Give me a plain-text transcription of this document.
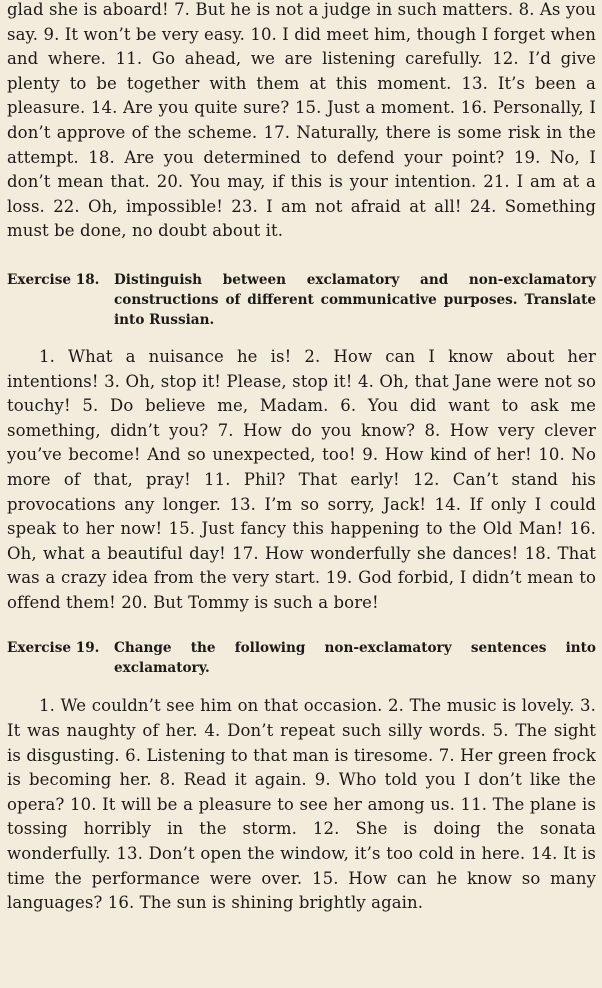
glad she is aboard! 7. But he is not a judge in such matters. 8. As you say. 9. It won’t be very easy. 10. I did meet him, though I forget when and where. 11. Go ahead, we are listening carefully. 12. I’d give plenty to be together with them at this moment. 13. It’s been a pleasure. 14. Are you quite sure? 15. Just a moment. 16. Personally, I don’t approve of the scheme. 17. Naturally, there is some risk in the attempt. 18. Are you determined to defend your point? 19. No, I don’t mean that. 20. You may, if this is your intention. 21. I am at a loss. 22. Oh, impossible! 23. I am not afraid at all! 24. Something must be done, no doubt about it.

Exercise 18. Distinguish between exclamatory and non-exclamatory constructions of different communicative purposes. Translate into Russian.

1. What a nuisance he is! 2. How can I know about her intentions! 3. Oh, stop it! Please, stop it! 4. Oh, that Jane were not so touchy! 5. Do believe me, Madam. 6. You did want to ask me something, didn’t you? 7. How do you know? 8. How very clever you’ve become! And so unexpected, too! 9. How kind of her! 10. No more of that, pray! 11. Phil? That early! 12. Can’t stand his provocations any longer. 13. I’m so sorry, Jack! 14. If only I could speak to her now! 15. Just fancy this happening to the Old Man! 16. Oh, what a beautiful day! 17. How wonderfully she dances! 18. That was a crazy idea from the very start. 19. God forbid, I didn’t mean to offend them! 20. But Tommy is such a bore!

Exercise 19. Change the following non-exclamatory sentences into exclamatory.

1. We couldn’t see him on that occasion. 2. The music is lovely. 3. It was naughty of her. 4. Don’t repeat such silly words. 5. The sight is disgusting. 6. Listening to that man is tiresome. 7. Her green frock is becoming her. 8. Read it again. 9. Who told you I don’t like the opera? 10. It will be a pleasure to see her among us. 11. The plane is tossing horribly in the storm. 12. She is doing the sonata wonderfully. 13. Don’t open the window, it’s too cold in here. 14. It is time the performance were over. 15. How can he know so many languages? 16. The sun is shining brightly again.
